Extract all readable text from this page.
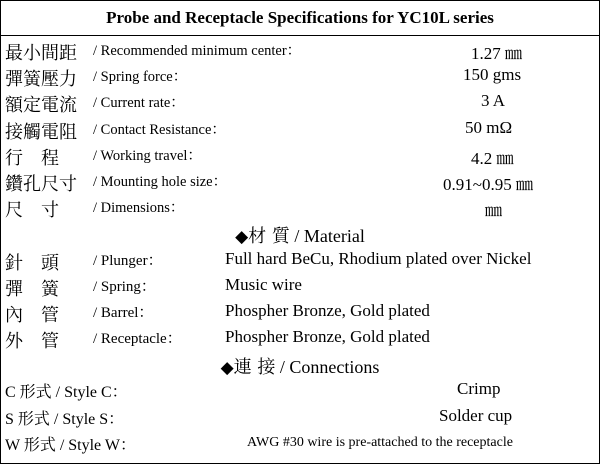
Probe and Receptacle Specifications for YC10L series
最小間距 / Recommended minimum center：	1.27 ㎜
彈簧壓力 / Spring force：	150 gms
額定電流 / Current rate：	3 A
接觸電阻 / Contact Resistance：	50 mΩ
行　程 / Working travel：	4.2 ㎜
鑽孔尺寸 / Mounting hole size：	0.91~0.95 ㎜
尺　寸 / Dimensions：	㎜
◆材 質 / Material
針　頭 / Plunger：	Full hard BeCu, Rhodium plated over Nickel
彈　簧 / Spring：	Music wire
內　管 / Barrel：	Phospher Bronze, Gold plated
外　管 / Receptacle：	Phospher Bronze, Gold plated
◆連 接 / Connections
C 形式 / Style C：	Crimp
S 形式 / Style S：	Solder cup
W 形式 / Style W：	AWG #30 wire is pre-attached to the receptacle
